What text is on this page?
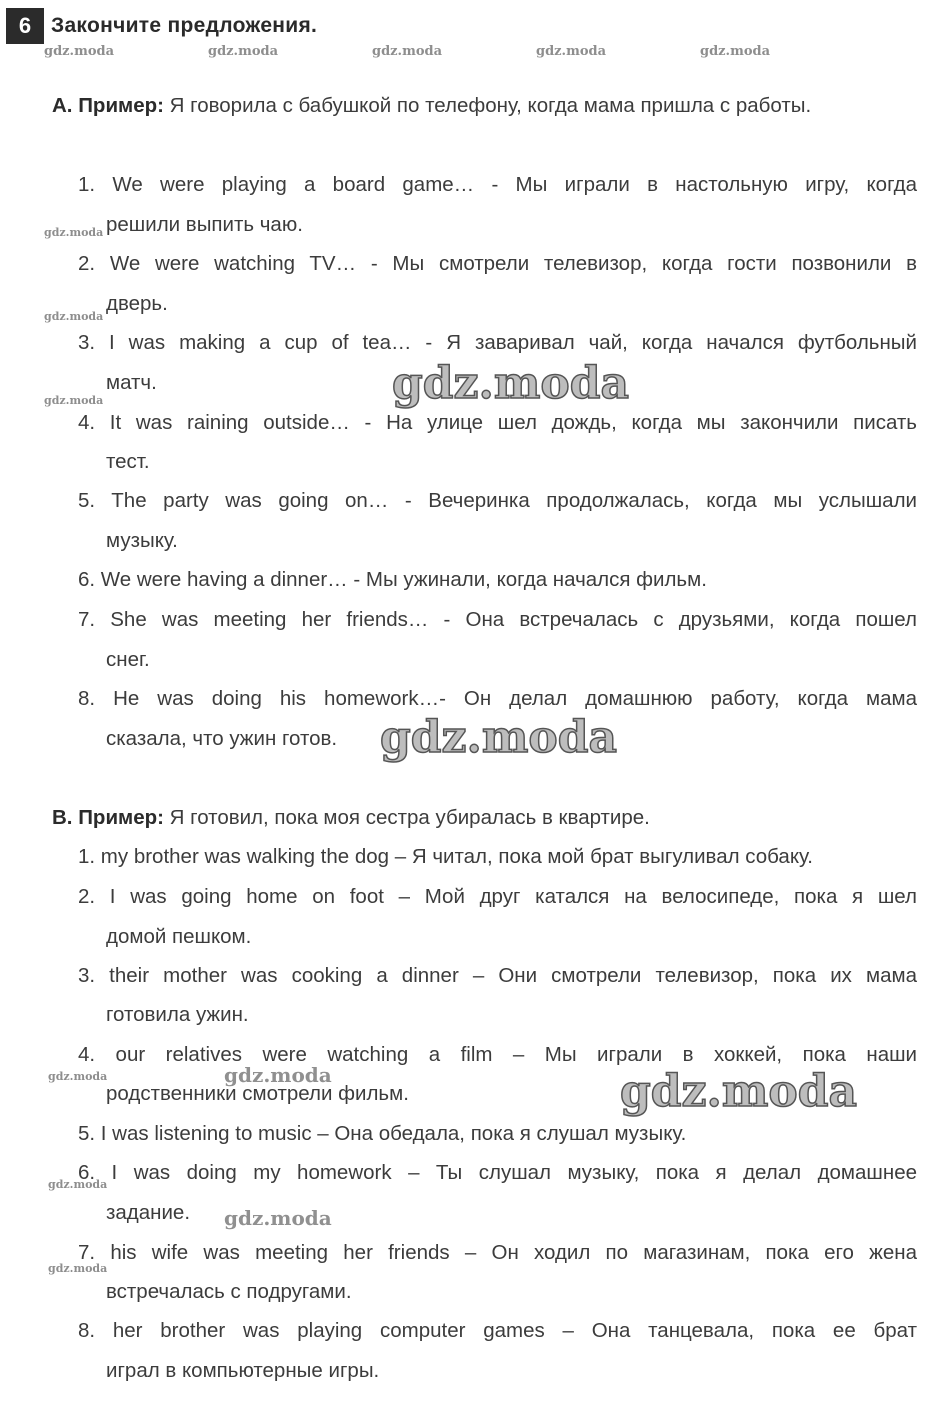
6 Закончите предложения.
gdz.moda	gdz.moda	gdz.moda	gdz.moda	gdz.moda
A. Пример: Я говорила с бабушкой по телефону, когда мама пришла с работы.
1. We were playing a board game… - Мы играли в настольную игру, когда
решили выпить чаю.
2. We were watching TV… - Мы смотрели телевизор, когда гости позвонили в
дверь.
3. I was making a cup of tea… - Я заваривал чай, когда начался футбольный
матч.
4. It was raining outside… - На улице шел дождь, когда мы закончили писать
тест.
5. The party was going on… - Вечеринка продолжалась, когда мы услышали
музыку.
6. We were having a dinner… - Мы ужинали, когда начался фильм.
7. She was meeting her friends… - Она встречалась с друзьями, когда пошел
снег.
8. He was doing his homework…- Он делал домашнюю работу, когда мама
сказала, что ужин готов.
B. Пример: Я готовил, пока моя сестра убиралась в квартире.
1. my brother was walking the dog – Я читал, пока мой брат выгуливал собаку.
2. I was going home on foot – Мой друг катался на велосипеде, пока я шел
домой пешком.
3. their mother was cooking a dinner – Они смотрели телевизор, пока их мама
готовила ужин.
4. our relatives were watching a film – Мы играли в хоккей, пока наши
родственники смотрели фильм.
5. I was listening to music – Она обедала, пока я слушал музыку.
6. I was doing my homework – Ты слушал музыку, пока я делал домашнее
задание.
7. his wife was meeting her friends – Он ходил по магазинам, пока его жена
встречалась с подругами.
8. her brother was playing computer games – Она танцевала, пока ее брат
играл в компьютерные игры.
gdz.moda
gdz.moda
gdz.moda
gdz.moda
gdz.moda
gdz.moda
gdz.moda
gdz.moda
gdz.moda
gdz.moda
gdz.moda
